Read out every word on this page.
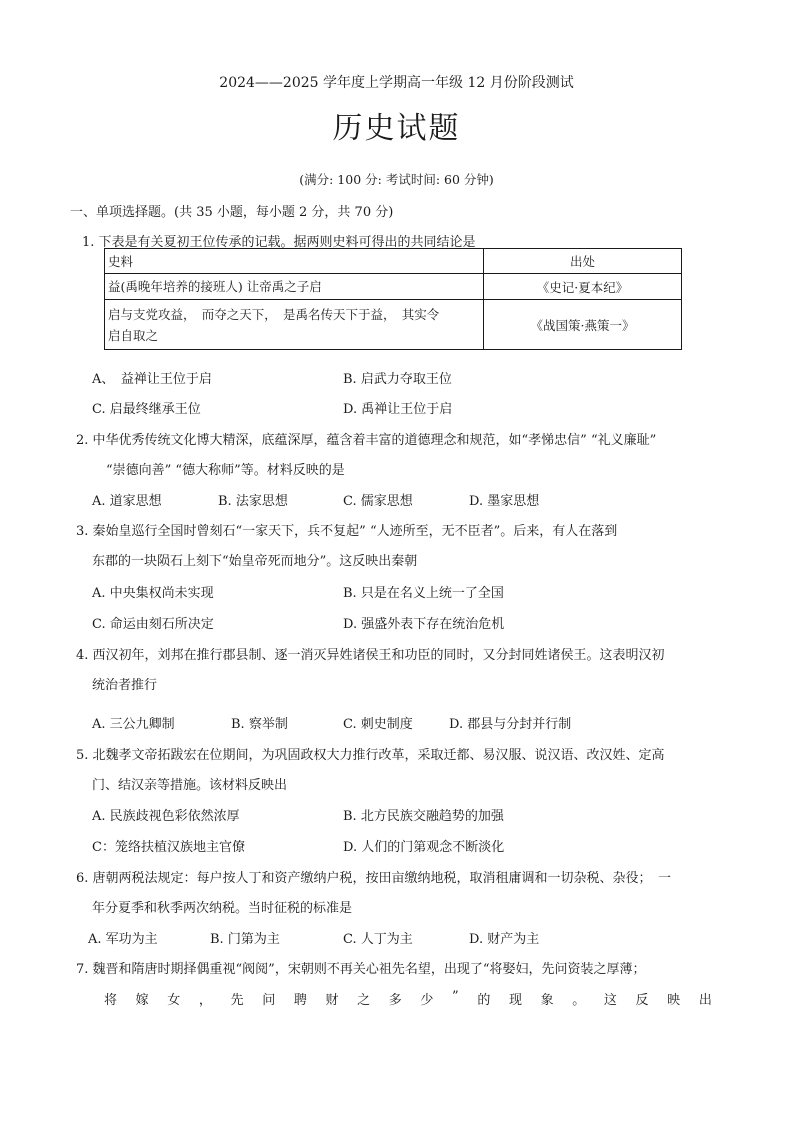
2024——2025 学年度上学期高一年级 12 月份阶段测试
历史试题
(满分: 100 分: 考试时间: 60 分钟)
一、单项选择题。(共 35 小题，每小题 2 分，共 70 分)
1. 下表是有关夏初王位传承的记载。据两则史料可得出的共同结论是
史料	出处

益(禹晚年培养的接班人) 让帝禹之子启	《史记·夏本纪》

启与支党攻益，　而夺之天下，　是禹名传天下于益，　其实令
启自取之	《战国策·燕策一》
A、　益禅让王位于启	B. 启武力夺取王位
C. 启最终继承王位	D. 禹禅让王位于启
2. 中华优秀传统文化博大精深，底蕴深厚，蕴含着丰富的道德理念和规范，如“孝悌忠信” “礼义廉耻”
“崇德向善” “德大称师”等。材料反映的是
A. 道家思想	B. 法家思想	C. 儒家思想	D. 墨家思想
3. 秦始皇巡行全国时曾刻石“一家天下，兵不复起” “人迹所至，无不臣者”。后来，有人在落到
东郡的一块陨石上刻下“始皇帝死而地分”。这反映出秦朝
A. 中央集权尚未实现	B. 只是在名义上统一了全国
C. 命运由刻石所决定	D. 强盛外表下存在统治危机
4. 西汉初年，刘邦在推行郡县制、逐一消灭异姓诸侯王和功臣的同时，又分封同姓诸侯王。这表明汉初
统治者推行
A. 三公九卿制	B. 察举制	C. 刺史制度	D. 郡县与分封并行制
5. 北魏孝文帝拓跋宏在位期间，为巩固政权大力推行改革，采取迁都、易汉服、说汉语、改汉姓、定高
门、结汉亲等措施。该材料反映出
A. 民族歧视色彩依然浓厚	B. 北方民族交融趋势的加强
C：笼络扶植汉族地主官僚	D. 人们的门第观念不断淡化
6. 唐朝两税法规定：每户按人丁和资产缴纳户税，按田亩缴纳地税，取消租庸调和一切杂税、杂役；　一
年分夏季和秋季两次纳税。当时征税的标准是
A. 军功为主	B. 门第为主	C. 人丁为主	D. 财产为主
7. 魏晋和隋唐时期择偶重视“阀阅”，宋朝则不再关心祖先名望，出现了“将娶妇，先问资装之厚薄；
将 嫁 女 ， 先 问 聘 财 之 多 少 ” 的 现 象 。 这 反 映 出
